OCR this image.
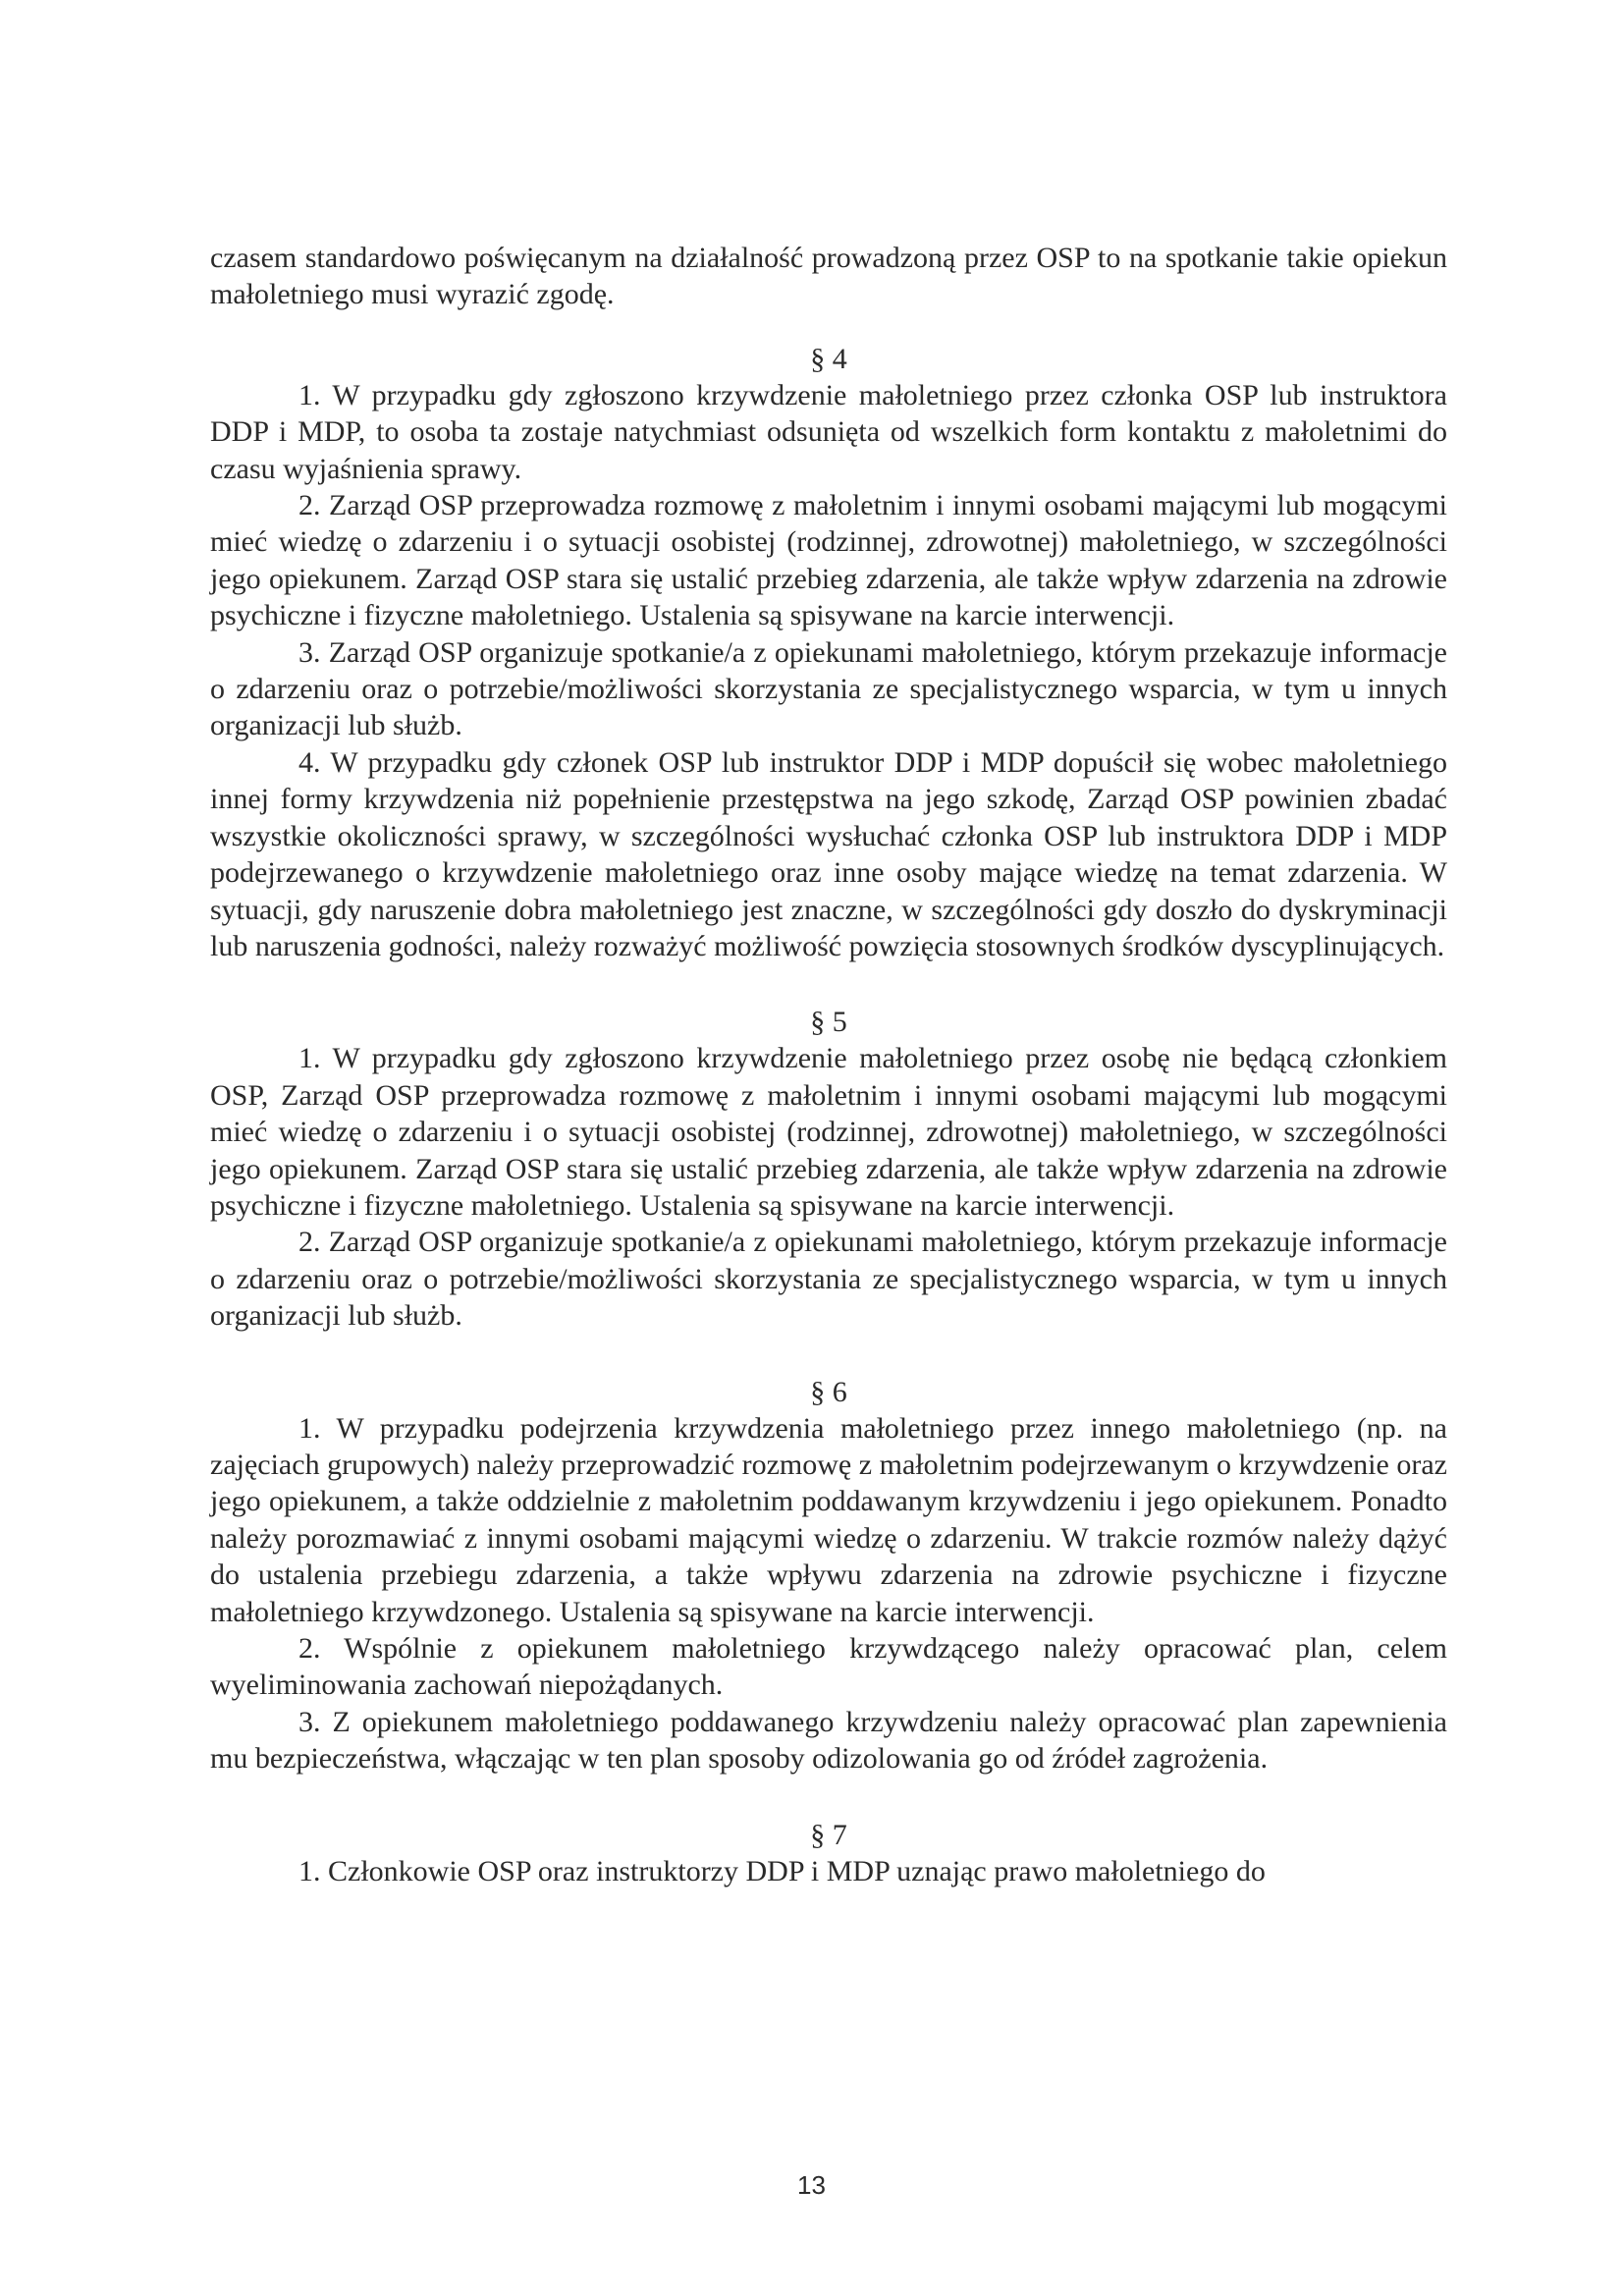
czasem standardowo poświęcanym na działalność prowadzoną przez OSP to na spotkanie takie opiekun małoletniego musi wyrazić zgodę.

§ 4

1. W przypadku gdy zgłoszono krzywdzenie małoletniego przez członka OSP lub instruktora DDP i MDP, to osoba ta zostaje natychmiast odsunięta od wszelkich form kontaktu z małoletnimi do czasu wyjaśnienia sprawy.

2. Zarząd OSP przeprowadza rozmowę z małoletnim i innymi osobami mającymi lub mogącymi mieć wiedzę o zdarzeniu i o sytuacji osobistej (rodzinnej, zdrowotnej) małoletniego, w szczególności jego opiekunem. Zarząd OSP stara się ustalić przebieg zdarzenia, ale także wpływ zdarzenia na zdrowie psychiczne i fizyczne małoletniego. Ustalenia są spisywane na karcie interwencji.

3. Zarząd OSP organizuje spotkanie/a z opiekunami małoletniego, którym przekazuje informacje o zdarzeniu oraz o potrzebie/możliwości skorzystania ze specjalistycznego wsparcia, w tym u innych organizacji lub służb.

4. W przypadku gdy członek OSP lub instruktor DDP i MDP dopuścił się wobec małoletniego innej formy krzywdzenia niż popełnienie przestępstwa na jego szkodę, Zarząd OSP powinien zbadać wszystkie okoliczności sprawy, w szczególności wysłuchać członka OSP lub instruktora DDP i MDP podejrzewanego o krzywdzenie małoletniego oraz inne osoby mające wiedzę na temat zdarzenia. W sytuacji, gdy naruszenie dobra małoletniego jest znaczne, w szczególności gdy doszło do dyskryminacji lub naruszenia godności, należy rozważyć możliwość powzięcia stosownych środków dyscyplinujących.

§ 5

1. W przypadku gdy zgłoszono krzywdzenie małoletniego przez osobę nie będącą członkiem OSP, Zarząd OSP przeprowadza rozmowę z małoletnim i innymi osobami mającymi lub mogącymi mieć wiedzę o zdarzeniu i o sytuacji osobistej (rodzinnej, zdrowotnej) małoletniego, w szczególności jego opiekunem. Zarząd OSP stara się ustalić przebieg zdarzenia, ale także wpływ zdarzenia na zdrowie psychiczne i fizyczne małoletniego. Ustalenia są spisywane na karcie interwencji.

2. Zarząd OSP organizuje spotkanie/a z opiekunami małoletniego, którym przekazuje informacje o zdarzeniu oraz o potrzebie/możliwości skorzystania ze specjalistycznego wsparcia, w tym u innych organizacji lub służb.

§ 6

1. W przypadku podejrzenia krzywdzenia małoletniego przez innego małoletniego (np. na zajęciach grupowych) należy przeprowadzić rozmowę z małoletnim podejrzewanym o krzywdzenie oraz jego opiekunem, a także oddzielnie z małoletnim poddawanym krzywdzeniu i jego opiekunem. Ponadto należy porozmawiać z innymi osobami mającymi wiedzę o zdarzeniu. W trakcie rozmów należy dążyć do ustalenia przebiegu zdarzenia, a także wpływu zdarzenia na zdrowie psychiczne i fizyczne małoletniego krzywdzonego. Ustalenia są spisywane na karcie interwencji.

2. Wspólnie z opiekunem małoletniego krzywdzącego należy opracować plan, celem wyeliminowania zachowań niepożądanych.

3. Z opiekunem małoletniego poddawanego krzywdzeniu należy opracować plan zapewnienia mu bezpieczeństwa, włączając w ten plan sposoby odizolowania go od źródeł zagrożenia.

§ 7

1. Członkowie OSP oraz instruktorzy DDP i MDP uznając prawo małoletniego do

13
